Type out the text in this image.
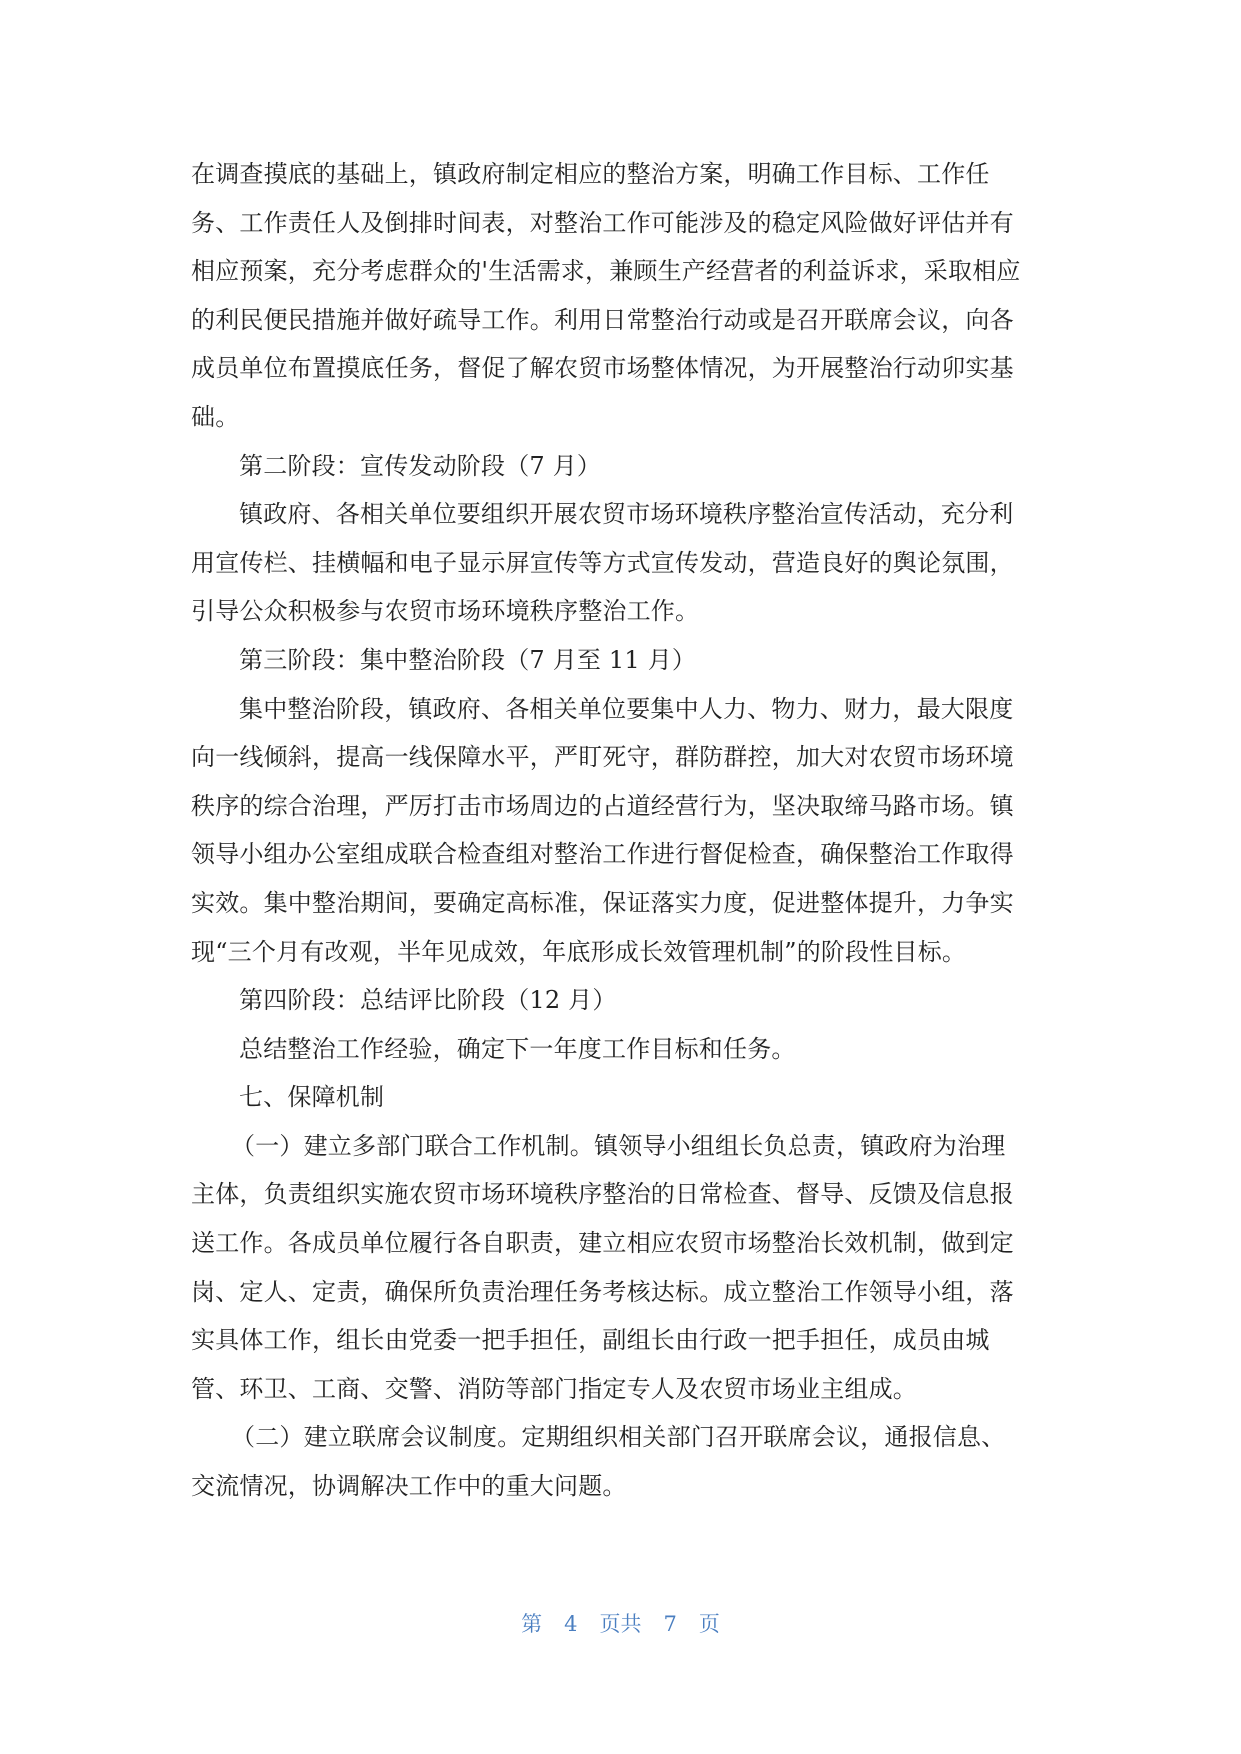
在调查摸底的基础上，镇政府制定相应的整治方案，明确工作目标、工作任
务、工作责任人及倒排时间表，对整治工作可能涉及的稳定风险做好评估并有
相应预案，充分考虑群众的'生活需求，兼顾生产经营者的利益诉求，采取相应
的利民便民措施并做好疏导工作。利用日常整治行动或是召开联席会议，向各
成员单位布置摸底任务，督促了解农贸市场整体情况，为开展整治行动卯实基
础。
第二阶段：宣传发动阶段（7 月）
镇政府、各相关单位要组织开展农贸市场环境秩序整治宣传活动，充分利
用宣传栏、挂横幅和电子显示屏宣传等方式宣传发动，营造良好的舆论氛围，
引导公众积极参与农贸市场环境秩序整治工作。
第三阶段：集中整治阶段（7 月至 11 月）
集中整治阶段，镇政府、各相关单位要集中人力、物力、财力，最大限度
向一线倾斜，提高一线保障水平，严盯死守，群防群控，加大对农贸市场环境
秩序的综合治理，严厉打击市场周边的占道经营行为，坚决取缔马路市场。镇
领导小组办公室组成联合检查组对整治工作进行督促检查，确保整治工作取得
实效。集中整治期间，要确定高标准，保证落实力度，促进整体提升，力争实
现“三个月有改观，半年见成效，年底形成长效管理机制”的阶段性目标。
第四阶段：总结评比阶段（12 月）
总结整治工作经验，确定下一年度工作目标和任务。
七、保障机制
（一）建立多部门联合工作机制。镇领导小组组长负总责，镇政府为治理
主体，负责组织实施农贸市场环境秩序整治的日常检查、督导、反馈及信息报
送工作。各成员单位履行各自职责，建立相应农贸市场整治长效机制，做到定
岗、定人、定责，确保所负责治理任务考核达标。成立整治工作领导小组，落
实具体工作，组长由党委一把手担任，副组长由行政一把手担任，成员由城
管、环卫、工商、交警、消防等部门指定专人及农贸市场业主组成。
（二）建立联席会议制度。定期组织相关部门召开联席会议，通报信息、
交流情况，协调解决工作中的重大问题。
第 4 页共 7 页
